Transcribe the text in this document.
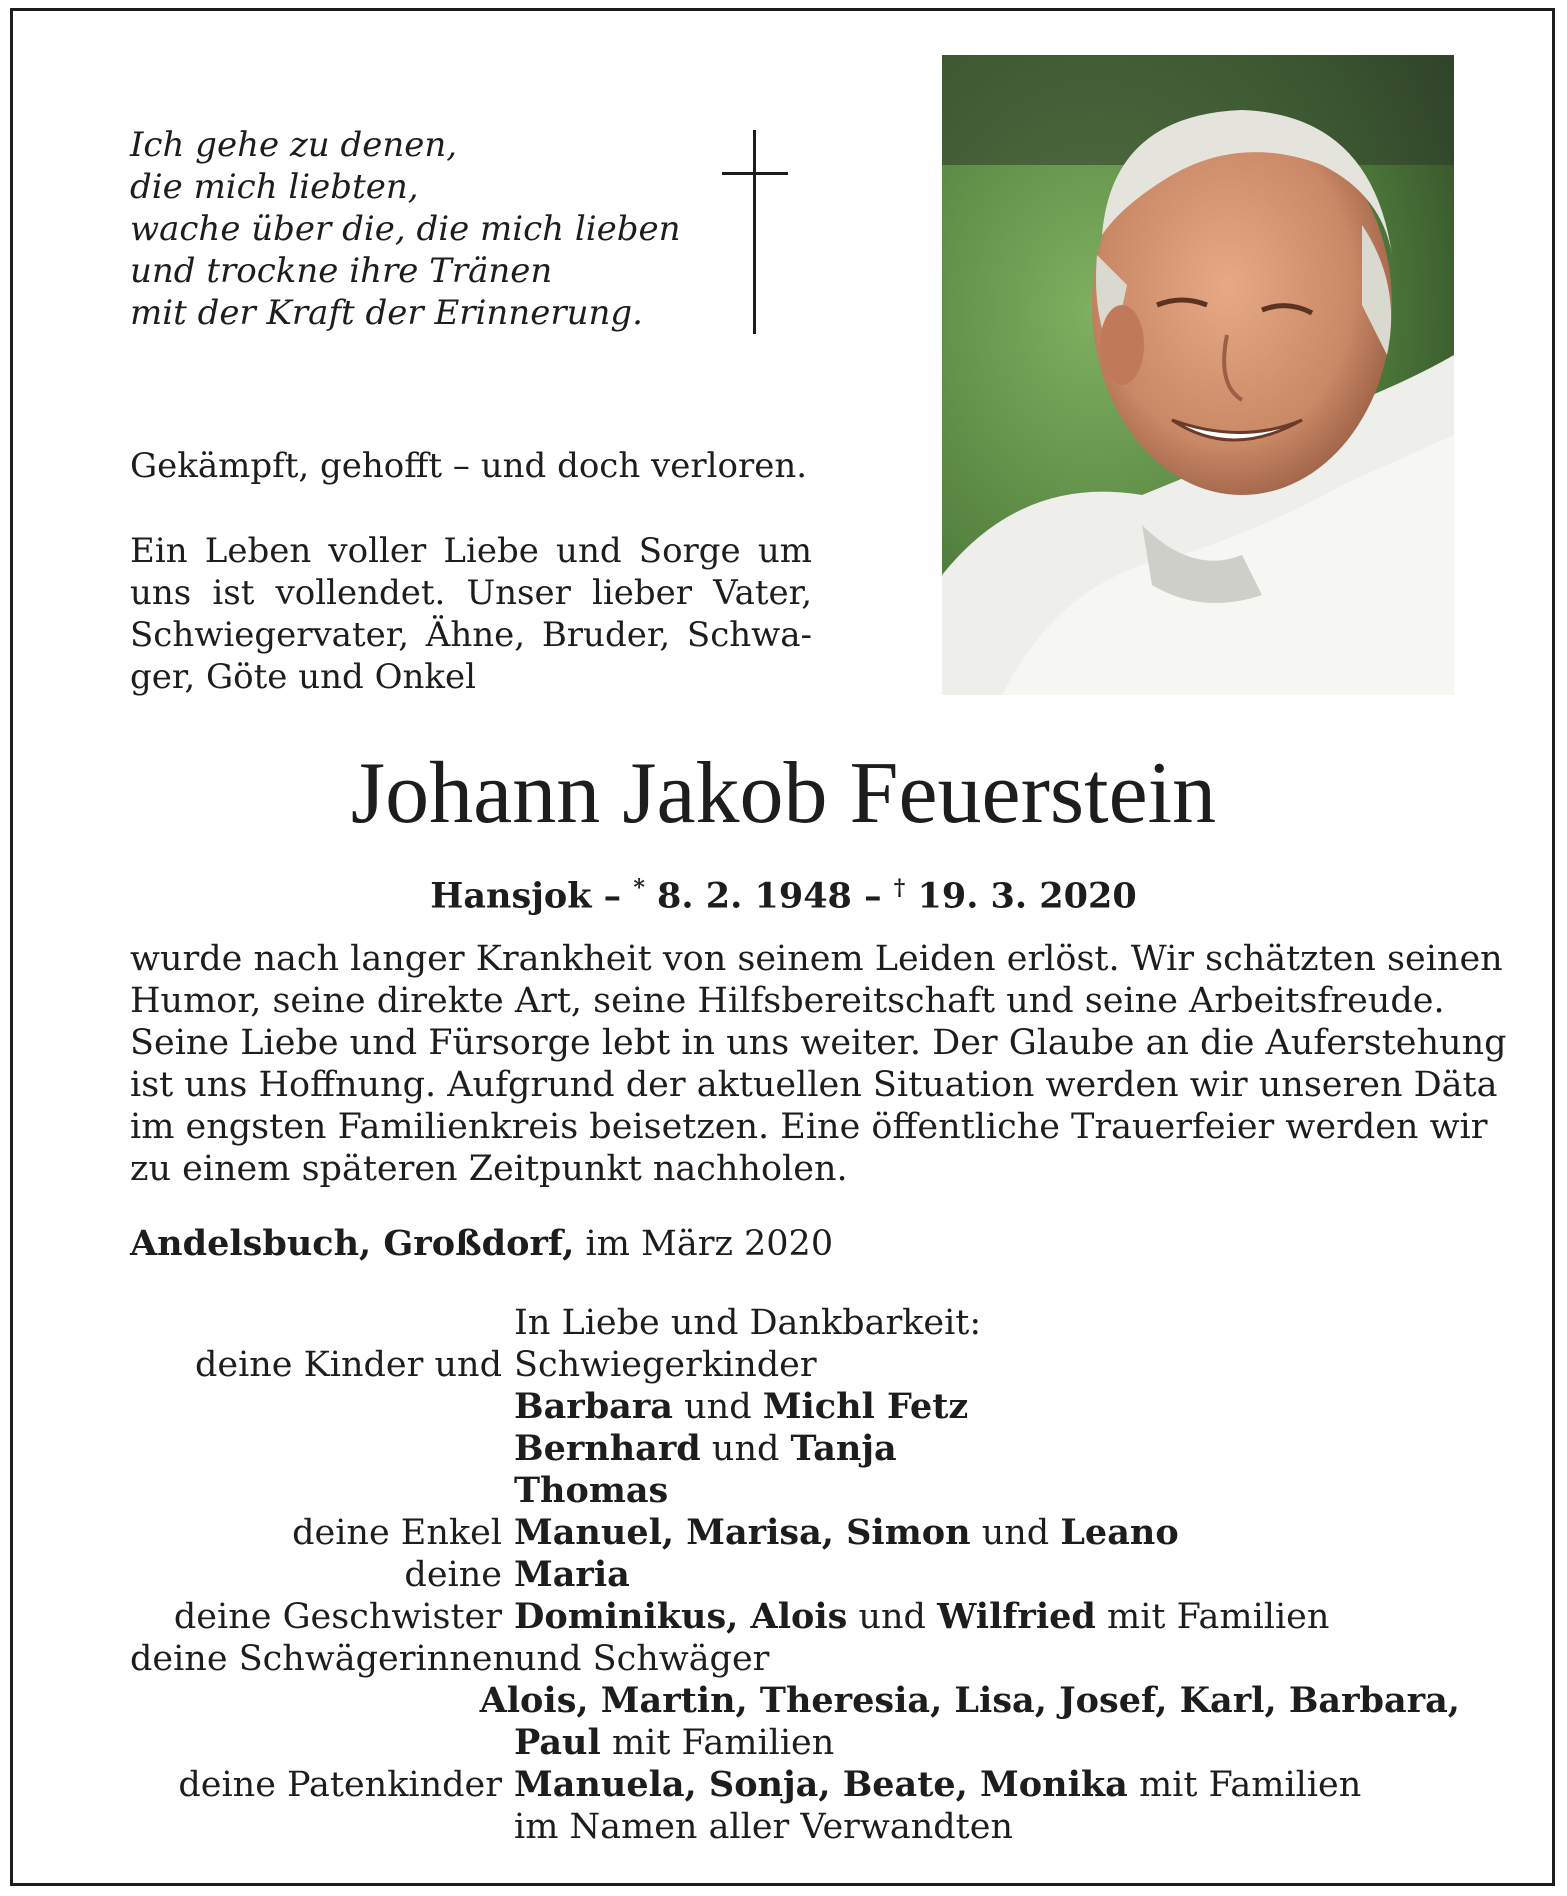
Ich gehe zu denen,
die mich liebten,
wache über die, die mich lieben
und trockne ihre Tränen
mit der Kraft der Erinnerung.
Gekämpft, gehofft – und doch verloren.
Ein Leben voller Liebe und Sorge um
uns ist vollendet. Unser lieber Vater,
Schwiegervater, Ähne, Bruder, Schwa-
ger, Göte und Onkel
Johann Jakob Feuerstein
Hansjok – * 8. 2. 1948 – † 19. 3. 2020
wurde nach langer Krankheit von seinem Leiden erlöst. Wir schätzten seinen
Humor, seine direkte Art, seine Hilfsbereitschaft und seine Arbeitsfreude.
Seine Liebe und Fürsorge lebt in uns weiter. Der Glaube an die Auferstehung
ist uns Hoffnung. Aufgrund der aktuellen Situation werden wir unseren Däta
im engsten Familienkreis beisetzen. Eine öffentliche Trauerfeier werden wir
zu einem späteren Zeitpunkt nachholen.
Andelsbuch, Großdorf, im März 2020
In Liebe und Dankbarkeit:
deine Kinder und Schwiegerkinder
Barbara und Michl Fetz
Bernhard und Tanja
Thomas
deine Enkel Manuel, Marisa, Simon und Leano
deine Maria
deine Geschwister Dominikus, Alois und Wilfried mit Familien
deine Schwägerinnen
und Schwäger
Alois, Martin, Theresia, Lisa, Josef, Karl, Barbara,
Paul mit Familien
deine Patenkinder Manuela, Sonja, Beate, Monika mit Familien
im Namen aller Verwandten
